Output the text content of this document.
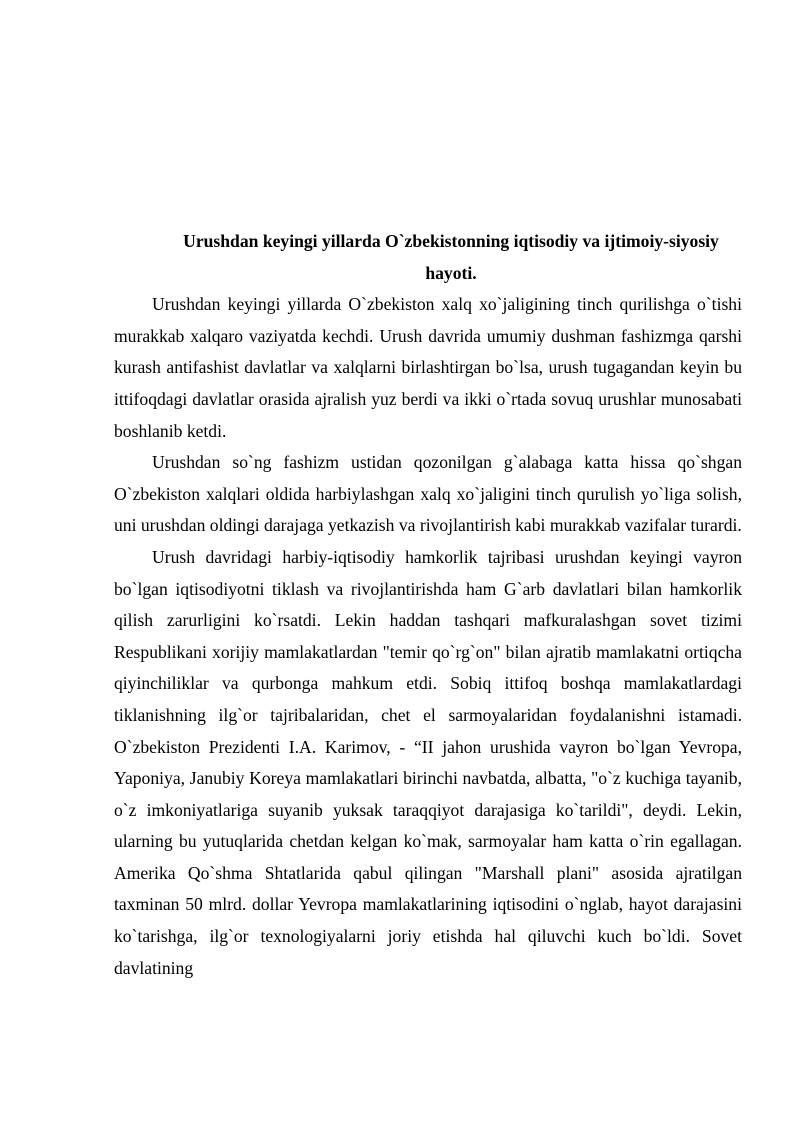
Urushdan keyingi yillarda O`zbekistonning iqtisodiy va ijtimoiy-siyosiy
hayoti.

Urushdan keyingi yillarda O`zbekiston xalq xo`jaligining tinch qurilishga o`tishi murakkab xalqaro vaziyatda kechdi. Urush davrida umumiy dushman fashizmga qarshi kurash antifashist davlatlar va xalqlarni birlashtirgan bo`lsa, urush tugagandan keyin bu ittifoqdagi davlatlar orasida ajralish yuz berdi va ikki o`rtada sovuq urushlar munosabati boshlanib ketdi.

Urushdan so`ng fashizm ustidan qozonilgan g`alabaga katta hissa qo`shgan O`zbekiston xalqlari oldida harbiylashgan xalq xo`jaligini tinch qurulish yo`liga solish, uni urushdan oldingi darajaga yetkazish va rivojlantirish kabi murakkab vazifalar turardi.

Urush davridagi harbiy-iqtisodiy hamkorlik tajribasi urushdan keyingi vayron bo`lgan iqtisodiyotni tiklash va rivojlantirishda ham G`arb davlatlari bilan hamkorlik qilish zarurligini ko`rsatdi. Lekin haddan tashqari mafkuralashgan sovet tizimi Respublikani xorijiy mamlakatlardan "temir qo`rg`on" bilan ajratib mamlakatni ortiqcha qiyinchiliklar va qurbonga mahkum etdi. Sobiq ittifoq boshqa mamlakatlardagi tiklanishning ilg`or tajribalaridan, chet el sarmoyalaridan foydalanishni istamadi. O`zbekiston Prezidenti I.A. Karimov, - “II jahon urushida vayron bo`lgan Yevropa, Yaponiya, Janubiy Koreya mamlakatlari birinchi navbatda, albatta, "o`z kuchiga tayanib, o`z imkoniyatlariga suyanib yuksak taraqqiyot darajasiga ko`tarildi", deydi. Lekin, ularning bu yutuqlarida chetdan kelgan ko`mak, sarmoyalar ham katta o`rin egallagan. Amerika Qo`shma Shtatlarida qabul qilingan "Marshall plani" asosida ajratilgan taxminan 50 mlrd. dollar Yevropa mamlakatlarining iqtisodini o`nglab, hayot darajasini ko`tarishga, ilg`or texnologiyalarni joriy etishda hal qiluvchi kuch bo`ldi. Sovet davlatining
